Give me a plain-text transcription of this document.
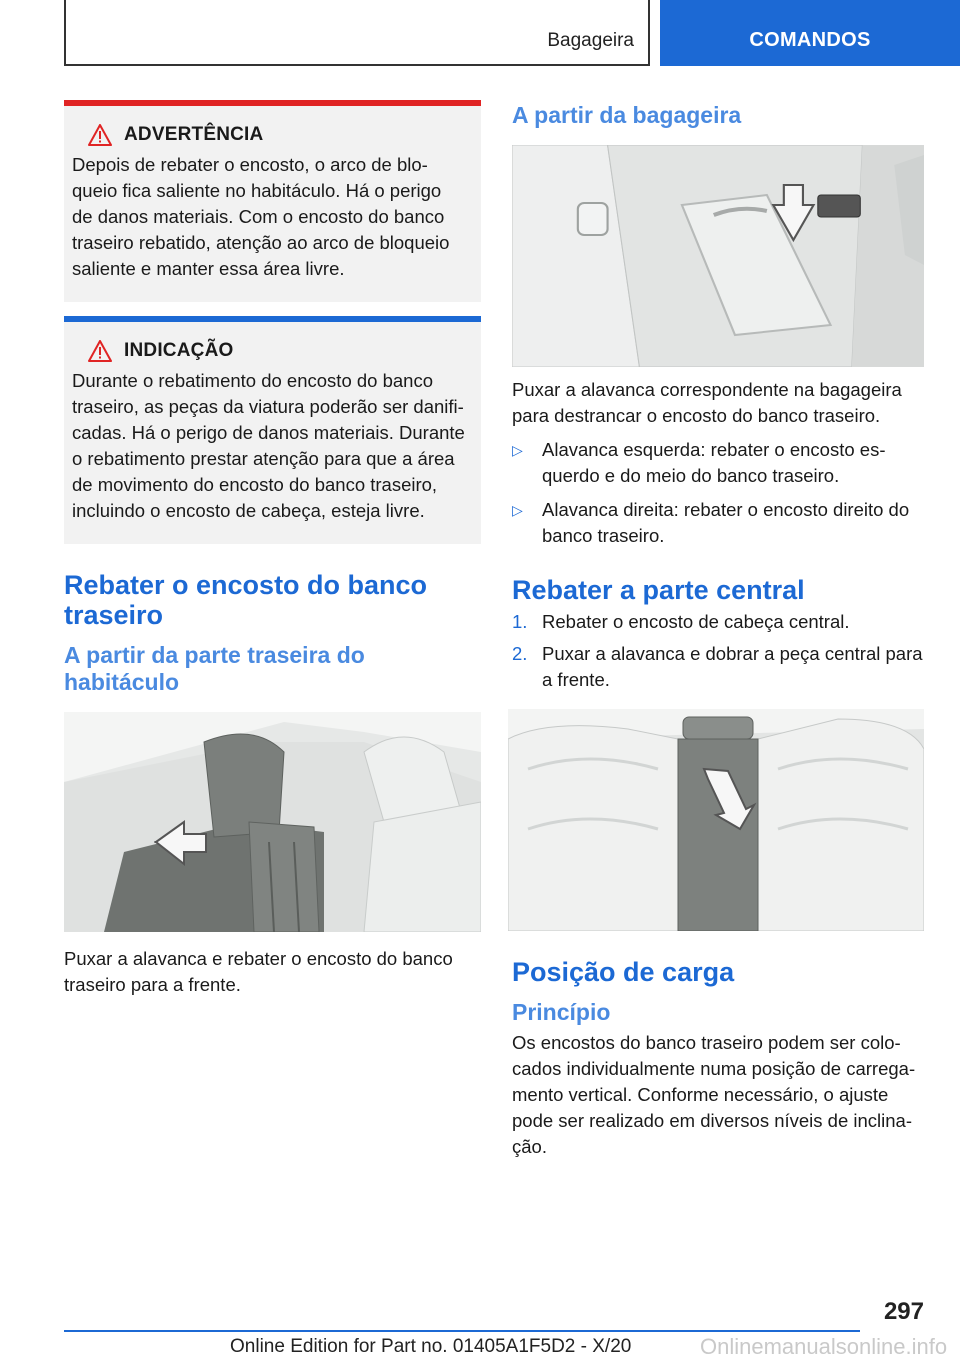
Bagageira	COMANDOS
ADVERTÊNCIA
Depois de rebater o encosto, o arco de blo-
queio fica saliente no habitáculo. Há o perigo
de danos materiais. Com o encosto do banco
traseiro rebatido, atenção ao arco de bloqueio
saliente e manter essa área livre.
INDICAÇÃO
Durante o rebatimento do encosto do banco
traseiro, as peças da viatura poderão ser danifi-
cadas. Há o perigo de danos materiais. Durante
o rebatimento prestar atenção para que a área
de movimento do encosto do banco traseiro,
incluindo o encosto de cabeça, esteja livre.
Rebater o encosto do banco
traseiro
A partir da parte traseira do
habitáculo
Puxar a alavanca e rebater o encosto do banco
traseiro para a frente.
A partir da bagageira
Puxar a alavanca correspondente na bagageira
para destrancar o encosto do banco traseiro.
▷ Alavanca esquerda: rebater o encosto es-
querdo e do meio do banco traseiro.
▷ Alavanca direita: rebater o encosto direito do
banco traseiro.
Rebater a parte central
1. Rebater o encosto de cabeça central.
2. Puxar a alavanca e dobrar a peça central para
a frente.
Posição de carga
Princípio
Os encostos do banco traseiro podem ser colo-
cados individualmente numa posição de carrega-
mento vertical. Conforme necessário, o ajuste
pode ser realizado em diversos níveis de inclina-
ção.
297
Online Edition for Part no. 01405A1F5D2 - X/20	Onlinemanualsonline.info
